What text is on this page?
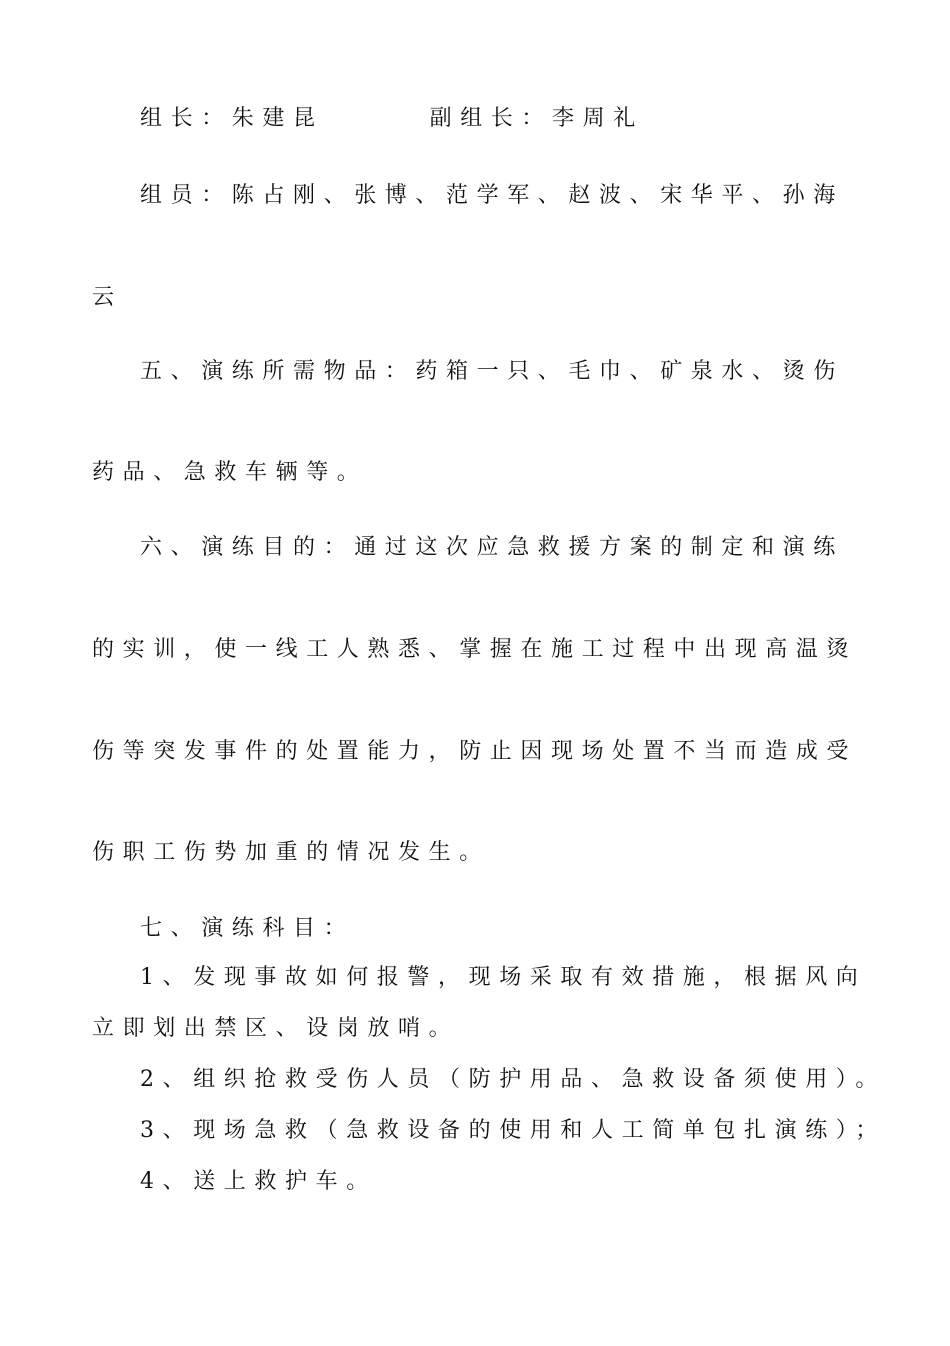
组长：朱建昆	副组长：李周礼
组员：陈占刚、张博、范学军、赵波、宋华平、孙海
云
五、演练所需物品：药箱一只、毛巾、矿泉水、烫伤
药品、急救车辆等。
六、演练目的：通过这次应急救援方案的制定和演练
的实训，使一线工人熟悉、掌握在施工过程中出现高温烫
伤等突发事件的处置能力，防止因现场处置不当而造成受
伤职工伤势加重的情况发生。
七、演练科目：
1、发现事故如何报警，现场采取有效措施，根据风向
立即划出禁区、设岗放哨。
2、组织抢救受伤人员（防护用品、急救设备须使用）。
3、现场急救（急救设备的使用和人工简单包扎演练）；
4、送上救护车。
